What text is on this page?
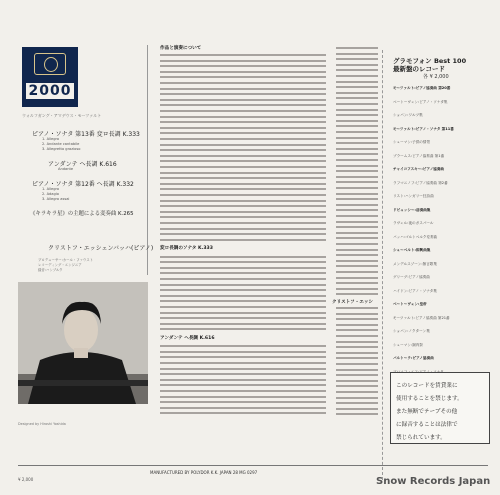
2000
ウォルフガング・アマデウス・モーツァルト
ピアノ・ソナタ 第13番 変ロ長調 K.333
1. Allegro
2. Andante cantabile
3. Allegretto grazioso
アンダンテ ヘ長調 K.616
Andante
ピアノ・ソナタ 第12番 ヘ長調 K.332
1. Allegro
2. Adagio
3. Allegro assai
《キラキラ星》の主題による変奏曲 K.265
クリストフ・エッシェンバッハ(ピアノ)
プロデューサー:カール・ファウスト
レコーディング・エンジニア
録音:ハンブルク
作品と演奏について
変ロ長調のソナタ K.333
アンダンテ ヘ長調 K.616
クリストフ・エッシ
グラモフォン Best 100
最新盤のレコード
各 ¥ 2,000
モーツァルト:ピアノ協奏曲 第20番
ベートーヴェン:ピアノ・ソナタ集
ショパン:ワルツ集
モーツァルト:ピアノ・ソナタ 第11番
シューマン:子供の情景
ブラームス:ピアノ協奏曲 第1番
チャイコフスキー:ピアノ協奏曲
ラフマニノフ:ピアノ協奏曲 第2番
リスト:ハンガリー狂詩曲
ドビュッシー:前奏曲集
ラヴェル:夜のガスパール
バッハ:ゴルトベルク変奏曲
シューベルト:即興曲集
メンデルスゾーン:無言歌集
グリーグ:ピアノ協奏曲
ハイドン:ピアノ・ソナタ集
ベートーヴェン:皇帝
モーツァルト:ピアノ協奏曲 第21番
ショパン:ノクターン集
シューマン:謝肉祭
バルトーク:ピアノ協奏曲
このレコードを賃貸業に
使用することを禁じます。
また無断でテープその他
に録音することは法律で
禁じられています。
Designed by Hiroshi Yoshida
MANUFACTURED BY POLYDOR K.K. JAPAN 28 MG 0297
¥ 2,000	Snow Records Japan
